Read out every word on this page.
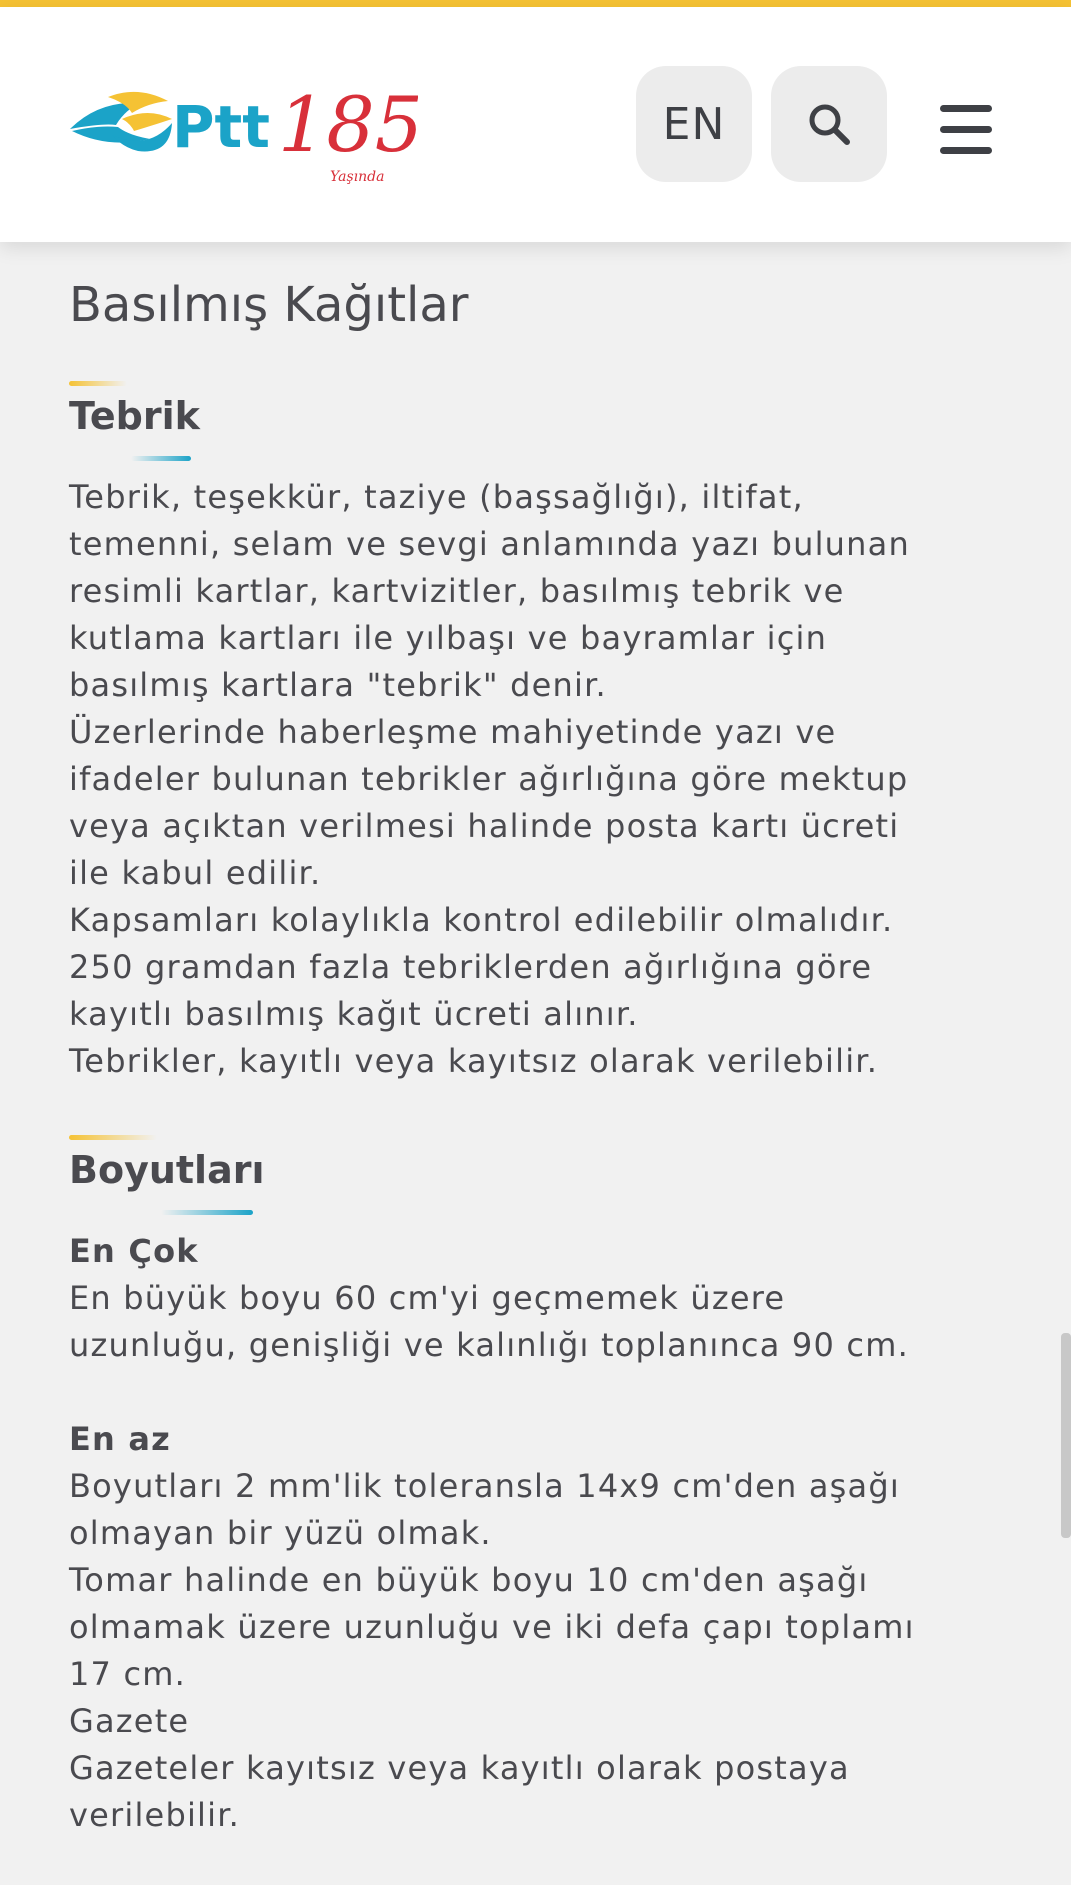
Ptt 185
Yaşında
EN
Basılmış Kağıtlar
Tebrik

Tebrik, teşekkür, taziye (başsağlığı), iltifat,

temenni, selam ve sevgi anlamında yazı bulunan

resimli kartlar, kartvizitler, basılmış tebrik ve

kutlama kartları ile yılbaşı ve bayramlar için

basılmış kartlara "tebrik" denir.

Üzerlerinde haberleşme mahiyetinde yazı ve

ifadeler bulunan tebrikler ağırlığına göre mektup

veya açıktan verilmesi halinde posta kartı ücreti

ile kabul edilir.

Kapsamları kolaylıkla kontrol edilebilir olmalıdır.

250 gramdan fazla tebriklerden ağırlığına göre

kayıtlı basılmış kağıt ücreti alınır.

Tebrikler, kayıtlı veya kayıtsız olarak verilebilir.

Boyutları

En Çok

En büyük boyu 60 cm'yi geçmemek üzere

uzunluğu, genişliği ve kalınlığı toplanınca 90 cm.

En az

Boyutları 2 mm'lik toleransla 14x9 cm'den aşağı

olmayan bir yüzü olmak.

Tomar halinde en büyük boyu 10 cm'den aşağı

olmamak üzere uzunluğu ve iki defa çapı toplamı

17 cm.

Gazete

Gazeteler kayıtsız veya kayıtlı olarak postaya

verilebilir.
